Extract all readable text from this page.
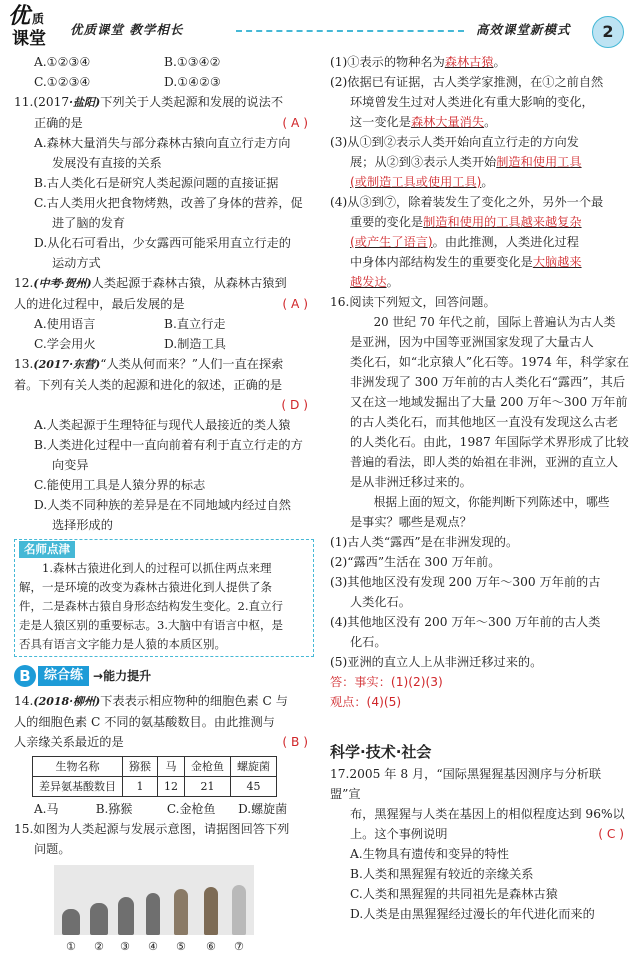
优 质
课堂 优质课堂 教学相长	高效课堂新模式	2
A.①②③④	B.①③④②
C.①②③④	D.①④②③

11.(2017·盐阳)下列关于人类起源和发展的说法不

正确的是	( A )

A.森林大量消失与部分森林古猿向直立行走方向

发展没有直接的关系

B.古人类化石是研究人类起源问题的直接证据

C.古人类用火把食物烤熟，改善了身体的营养，促

进了脑的发育

D.从化石可看出，少女露西可能采用直立行走的

运动方式

12.(中考·贺州)人类起源于森林古猿，从森林古猿到

人的进化过程中，最后发展的是	( A )

A.使用语言	B.直立行走
C.学会用火	D.制造工具

13.(2017·东营)“人类从何而来？”人们一直在探索

着。下列有关人类的起源和进化的叙述，正确的是

( D )

A.人类起源于生理特征与现代人最接近的类人猿

B.人类进化过程中一直向前着有利于直立行走的方

向变异

C.能使用工具是人猿分界的标志

D.人类不同种族的差异是在不同地域内经过自然

选择形成的

名师点津
1.森林古猿进化到人的过程可以抓住两点来理
解，一是环境的改变为森林古猿进化到人提供了条
件，二是森林古猿自身形态结构发生变化。2.直立行
走是人猿区别的重要标志。3.大脑中有语言中枢，是
否具有语言文字能力是人猿的本质区别。
B	综合练 →能力提升

14.(2018·柳州)下表表示相应物种的细胞色素 C 与

人的细胞色素 C 不同的氨基酸数目。由此推测与

人亲缘关系最近的是	( B )

生物名称	猕猴	马	金枪鱼	螺旋菌
差异氨基酸数目	1	12	21	45
A.马	B.猕猴	C.金枪鱼	D.螺旋菌

15.如图为人类起源与发展示意图，请据图回答下列

问题。

① ② ③ ④ ⑤ ⑥ ⑦

(1)①表示的物种名为森林古猿。

(2)依据已有证据，古人类学家推测，在①之前自然

环境曾发生过对人类进化有重大影响的变化，

这一变化是森林大量消失。

(3)从①到②表示人类开始向直立行走的方向发

展；从②到③表示人类开始制造和使用工具

(或制造工具或使用工具)。

(4)从③到⑦，除着装发生了变化之外，另外一个最

重要的变化是制造和使用的工具越来越复杂

(或产生了语言)。由此推测，人类进化过程

中身体内部结构发生的重要变化是大脑越来

越发达。

16.阅读下列短文，回答问题。

20 世纪 70 年代之前，国际上普遍认为古人类

是亚洲，因为中国等亚洲国家发现了大量古人

类化石，如“北京猿人”化石等。1974 年，科学家在

非洲发现了 300 万年前的古人类化石“露西”，其后

又在这一地域发掘出了大量 200 万年～300 万年前

的古人类化石，而其他地区一直没有发现这么古老

的人类化石。由此，1987 年国际学术界形成了比较

普遍的看法，即人类的始祖在非洲，亚洲的直立人

是从非洲迁移过来的。

根据上面的短文，你能判断下列陈述中，哪些

是事实？哪些是观点？

(1)古人类“露西”是在非洲发现的。

(2)“露西”生活在 300 万年前。

(3)其他地区没有发现 200 万年～300 万年前的古

人类化石。

(4)其他地区没有 200 万年～300 万年前的古人类

化石。

(5)亚洲的直立人上从非洲迁移过来的。

答：事实：(1)(2)(3)

观点：(4)(5)

科学·技术·社会

17.2005 年 8 月，“国际黑猩猩基因测序与分析联盟”宣

布，黑猩猩与人类在基因上的相似程度达到 96%以

上。这个事例说明	( C )

A.生物具有遗传和变异的特性

B.人类和黑猩猩有较近的亲缘关系

C.人类和黑猩猩的共同祖先是森林古猿

D.人类是由黑猩猩经过漫长的年代进化而来的
